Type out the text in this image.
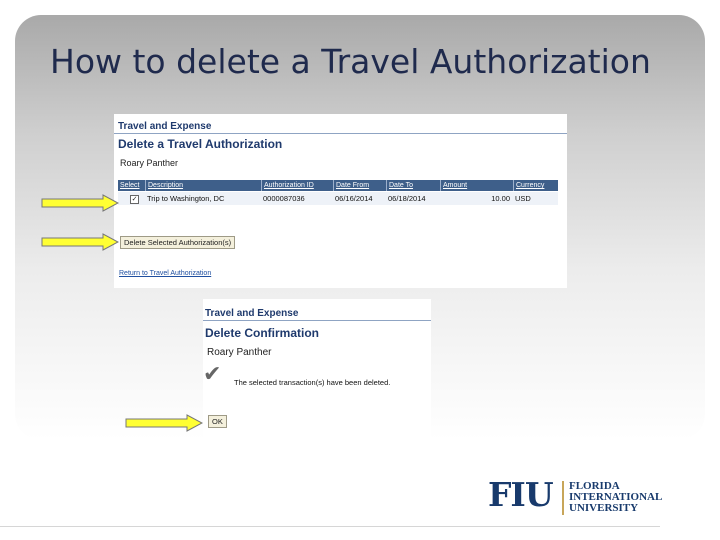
How to delete a Travel Authorization
Travel and Expense
Delete a Travel Authorization
Roary Panther
Select	Description	Authorization ID	Date From	Date To	Amount	Currency
✓ Trip to Washington, DC	0000087036	06/16/2014 06/18/2014	10.00 USD
Delete Selected Authorization(s)
Return to Travel Authorization
Travel and Expense
Delete Confirmation
Roary Panther
✔ The selected transaction(s) have been deleted.
OK
FIU FLORIDA
INTERNATIONAL
UNIVERSITY
